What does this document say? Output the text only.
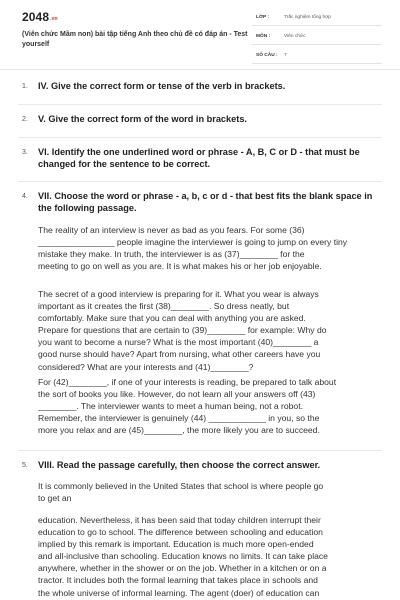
2048.vn
(Viên chức Mầm non) bài tập tiếng Anh theo chủ đề có đáp án - Test yourself
LỚP :	Trắc nghiệm tổng hợp
MÔN :	Viên chức
SỐ CÂU : 7
1. IV. Give the correct form or tense of the verb in brackets.
2. V. Give the correct form of the word in brackets.
3. VI. Identify the one underlined word or phrase - A, B, C or D - that must be changed for the sentence to be correct.
4. VII. Choose the word or phrase - a, b, c or d - that best fits the blank space in the following passage.

The reality of an interview is never as bad as you fears. For some (36)
________________ people imagine the interviewer is going to jump on every tiny
mistake they make. In truth, the interviewer is as (37)________ for the
meeting to go on well as you are. It is what makes his or her job enjoyable.

The secret of a good interview is preparing for it. What you wear is always
important as it creates the first (38)________. So dress neatly, but
comfortably. Make sure that you can deal with anything you are asked.
Prepare for questions that are certain to (39)________ for example: Why do
you want to become a nurse? What is the most important (40)________ a
good nurse should have? Apart from nursing, what other careers have you
considered? What are your interests and (41)________?

For (42)________, if one of your interests is reading, be prepared to talk about
the sort of books you like. However, do not learn all your answers off (43)
________. The interviewer wants to meet a human being, not a robot.
Remember, the interviewer is genuinely (44) ____________ in you, so the
more you relax and are (45)________, the more likely you are to succeed.

5. VIII. Read the passage carefully, then choose the correct answer.

It is commonly believed in the United States that school is where people go
to get an

education. Nevertheless, it has been said that today children interrupt their
education to go to school. The difference between schooling and education
implied by this remark is important. Education is much more open-ended
and all-inclusive than schooling. Education knows no limits. It can take place
anywhere, whether in the shower or on the job. Whether in a kitchen or on a
tractor. It includes both the formal learning that takes place in schools and
the whole universe of informal learning. The agent (doer) of education can
